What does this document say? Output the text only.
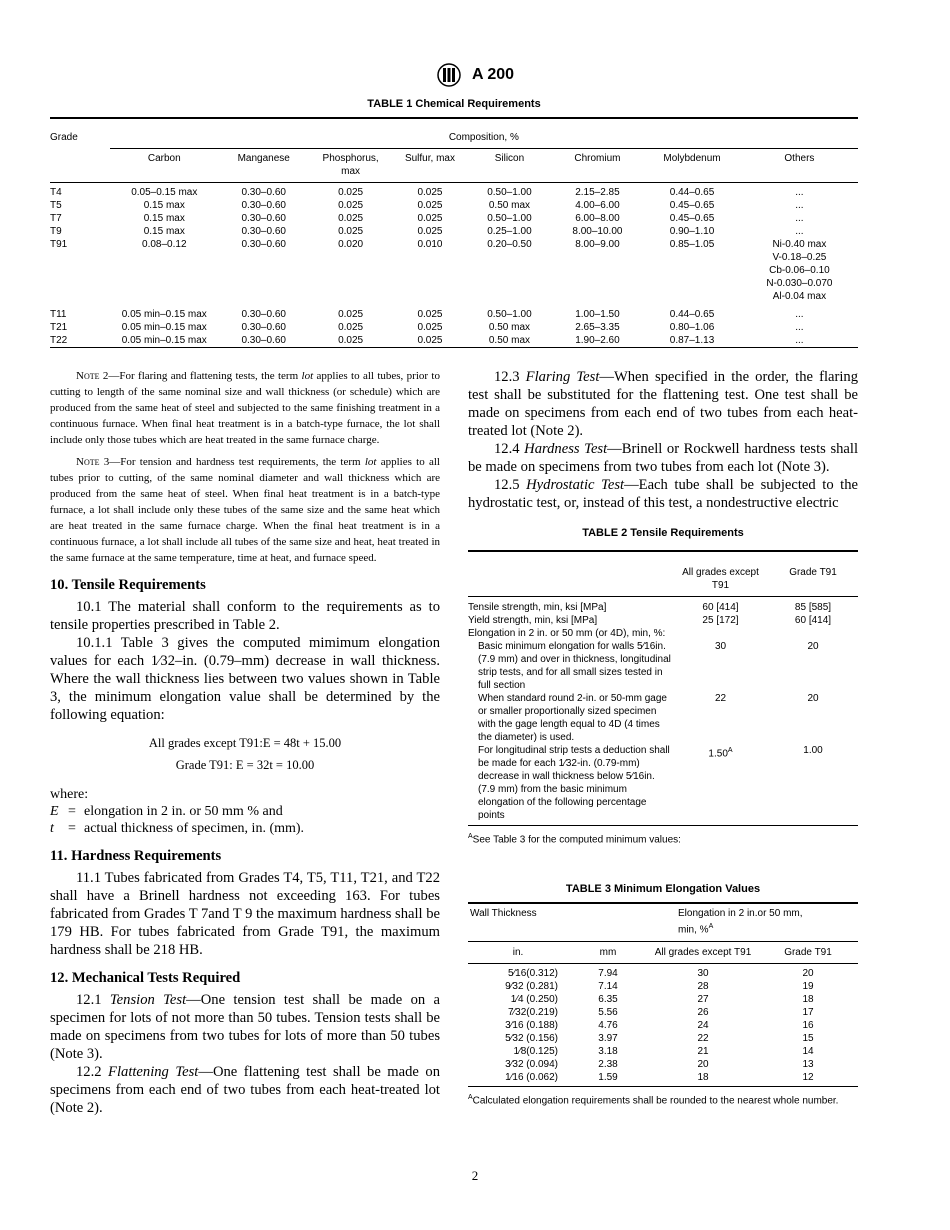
A 200
TABLE 1 Chemical Requirements
Grade	Composition, %							
	Carbon	Manganese	Phosphorus, max	Sulfur, max	Silicon	Chromium	Molybdenum	Others
T4	0.05–0.15 max	0.30–0.60	0.025	0.025	0.50–1.00	2.15–2.85	0.44–0.65	...
T5	0.15 max	0.30–0.60	0.025	0.025	0.50 max	4.00–6.00	0.45–0.65	...
T7	0.15 max	0.30–0.60	0.025	0.025	0.50–1.00	6.00–8.00	0.45–0.65	...
T9	0.15 max	0.30–0.60	0.025	0.025	0.25–1.00	8.00–10.00	0.90–1.10	...
T91	0.08–0.12	0.30–0.60	0.020	0.010	0.20–0.50	8.00–9.00	0.85–1.05	Ni-0.40 max
V-0.18–0.25
Cb-0.06–0.10
N-0.030–0.070
Al-0.04 max
T11	0.05 min–0.15 max	0.30–0.60	0.025	0.025	0.50–1.00	1.00–1.50	0.44–0.65	...
T21	0.05 min–0.15 max	0.30–0.60	0.025	0.025	0.50 max	2.65–3.35	0.80–1.06	...
T22	0.05 min–0.15 max	0.30–0.60	0.025	0.025	0.50 max	1.90–2.60	0.87–1.13	...
Note 2—For flaring and flattening tests, the term lot applies to all tubes, prior to cutting to length of the same nominal size and wall thickness (or schedule) which are produced from the same heat of steel and subjected to the same finishing treatment in a continuous furnace. When final heat treatment is in a batch-type furnace, the lot shall include only those tubes which are heat treated in the same furnace charge.
Note 3—For tension and hardness test requirements, the term lot applies to all tubes prior to cutting, of the same nominal diameter and wall thickness which are produced from the same heat of steel. When final heat treatment is in a batch-type furnace, a lot shall include only these tubes of the same size and the same heat which are heat treated in the same furnace charge. When the final heat treatment is in a continuous furnace, a lot shall include all tubes of the same size and heat, heat treated in the same furnace at the same temperature, time at heat, and furnace speed.
10. Tensile Requirements

10.1 The material shall conform to the requirements as to tensile properties prescribed in Table 2.

10.1.1 Table 3 gives the computed mimimum elongation values for each 1⁄32–in. (0.79–mm) decrease in wall thickness. Where the wall thickness lies between two values shown in Table 3, the minimum elongation value shall be determined by the following equation:

All grades except T91:E = 48t + 15.00
Grade T91: E = 32t = 10.00
where:
E = elongation in 2 in. or 50 mm % and
t = actual thickness of specimen, in. (mm).
11. Hardness Requirements

11.1 Tubes fabricated from Grades T4, T5, T11, T21, and T22 shall have a Brinell hardness not exceeding 163. For tubes fabricated from Grades T 7and T 9 the maximum hardness shall be 179 HB. For tubes fabricated from Grade T91, the maximum hardness shall be 218 HB.

12. Mechanical Tests Required

12.1 Tension Test—One tension test shall be made on a specimen for lots of not more than 50 tubes. Tension tests shall be made on specimens from two tubes for lots of more than 50 tubes (Note 3).

12.2 Flattening Test—One flattening test shall be made on specimens from each end of two tubes from each heat-treated lot (Note 2).

12.3 Flaring Test—When specified in the order, the flaring test shall be substituted for the flattening test. One test shall be made on specimens from each end of two tubes from each heat-treated lot (Note 2).

12.4 Hardness Test—Brinell or Rockwell hardness tests shall be made on specimens from two tubes from each lot (Note 3).

12.5 Hydrostatic Test—Each tube shall be subjected to the hydrostatic test, or, instead of this test, a nondestructive electric

TABLE 2 Tensile Requirements
	All grades except T91	Grade T91
Tensile strength, min, ksi [MPa]	60 [414]	85 [585]
Yield strength, min, ksi [MPa]	25 [172]	60 [414]
Elongation in 2 in. or 50 mm (or 4D), min, %:		
Basic minimum elongation for walls 5⁄16in. (7.9 mm) and over in thickness, longitudinal strip tests, and for all small sizes tested in full section	30	20
When standard round 2-in. or 50-mm gage or smaller proportionally sized specimen with the gage length equal to 4D (4 times the diameter) is used.	22	20
For longitudinal strip tests a deduction shall be made for each 1⁄32-in. (0.79-mm) decrease in wall thickness below 5⁄16in. (7.9 mm) from the basic minimum elongation of the following percentage points	$1.50^A$	1.00
$^A$See Table 3 for the computed minimum values:
TABLE 3 Minimum Elongation Values
Wall Thickness		Elongation in 2 in.or 50 mm, min, %$^A$
in.	mm	All grades except T91	Grade T91
5⁄16(0.312)	7.94	30	20
9⁄32 (0.281)	7.14	28	19
1⁄4 (0.250)	6.35	27	18
7⁄32(0.219)	5.56	26	17
3⁄16 (0.188)	4.76	24	16
5⁄32 (0.156)	3.97	22	15
1⁄8(0.125)	3.18	21	14
3⁄32 (0.094)	2.38	20	13
1⁄16 (0.062)	1.59	18	12
$^A$Calculated elongation requirements shall be rounded to the nearest whole number.
2
